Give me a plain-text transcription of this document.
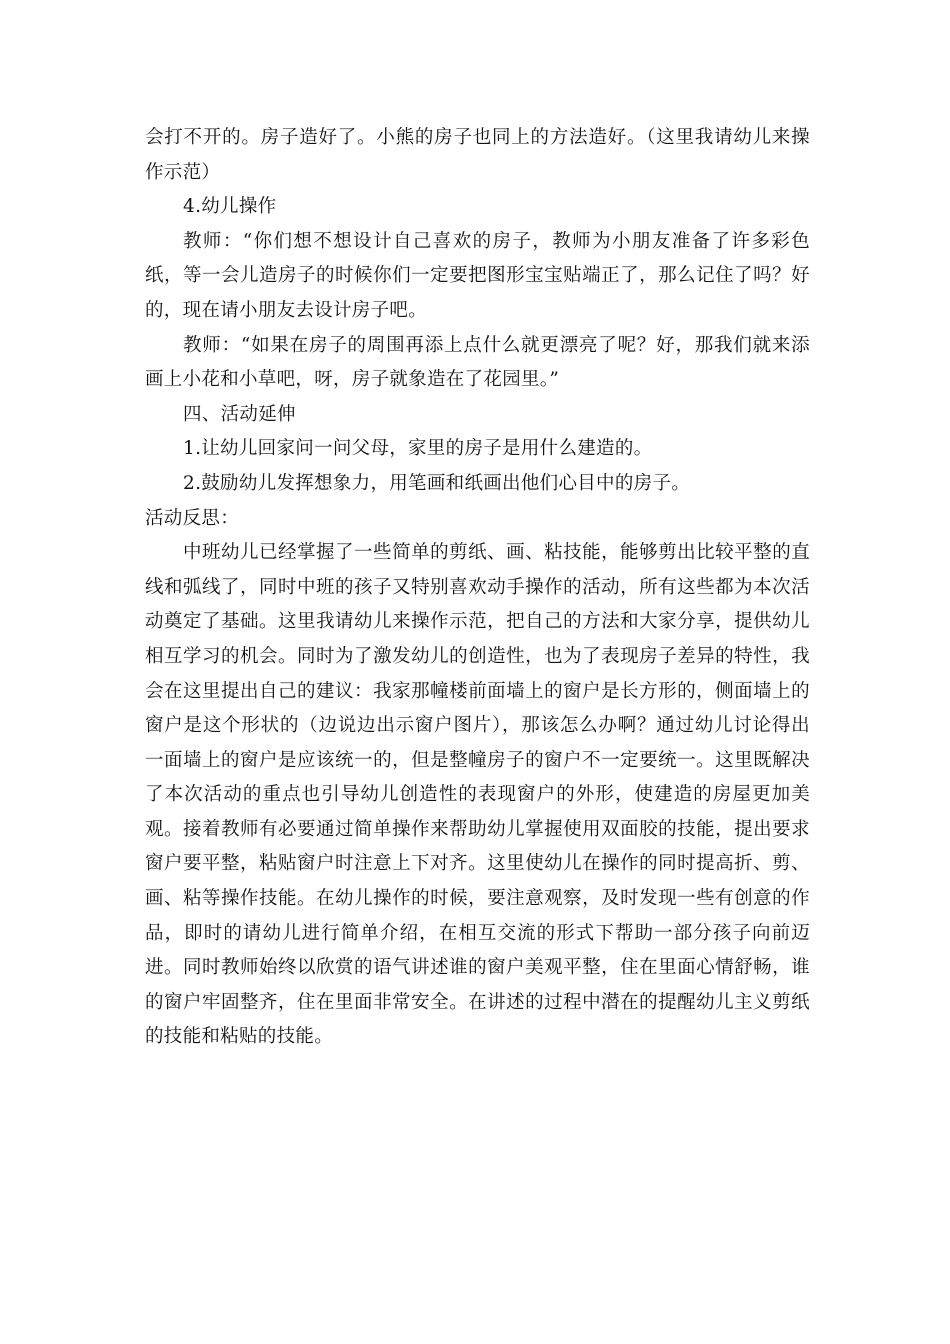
会打不开的。房子造好了。小熊的房子也同上的方法造好。（这里我请幼儿来操作示范）

4.幼儿操作

教师：“你们想不想设计自己喜欢的房子，教师为小朋友准备了许多彩色纸，等一会儿造房子的时候你们一定要把图形宝宝贴端正了，那么记住了吗？好的，现在请小朋友去设计房子吧。

教师：“如果在房子的周围再添上点什么就更漂亮了呢？好，那我们就来添画上小花和小草吧，呀，房子就象造在了花园里。”

四、活动延伸

1.让幼儿回家问一问父母，家里的房子是用什么建造的。

2.鼓励幼儿发挥想象力，用笔画和纸画出他们心目中的房子。

活动反思：

中班幼儿已经掌握了一些简单的剪纸、画、粘技能，能够剪出比较平整的直线和弧线了，同时中班的孩子又特别喜欢动手操作的活动，所有这些都为本次活动奠定了基础。这里我请幼儿来操作示范，把自己的方法和大家分享，提供幼儿相互学习的机会。同时为了激发幼儿的创造性，也为了表现房子差异的特性，我会在这里提出自己的建议：我家那幢楼前面墙上的窗户是长方形的，侧面墙上的窗户是这个形状的（边说边出示窗户图片），那该怎么办啊？通过幼儿讨论得出一面墙上的窗户是应该统一的，但是整幢房子的窗户不一定要统一。这里既解决了本次活动的重点也引导幼儿创造性的表现窗户的外形，使建造的房屋更加美观。接着教师有必要通过简单操作来帮助幼儿掌握使用双面胶的技能，提出要求窗户要平整，粘贴窗户时注意上下对齐。这里使幼儿在操作的同时提高折、剪、画、粘等操作技能。在幼儿操作的时候，要注意观察，及时发现一些有创意的作品，即时的请幼儿进行简单介绍，在相互交流的形式下帮助一部分孩子向前迈进。同时教师始终以欣赏的语气讲述谁的窗户美观平整，住在里面心情舒畅，谁的窗户牢固整齐，住在里面非常安全。在讲述的过程中潜在的提醒幼儿主义剪纸的技能和粘贴的技能。
